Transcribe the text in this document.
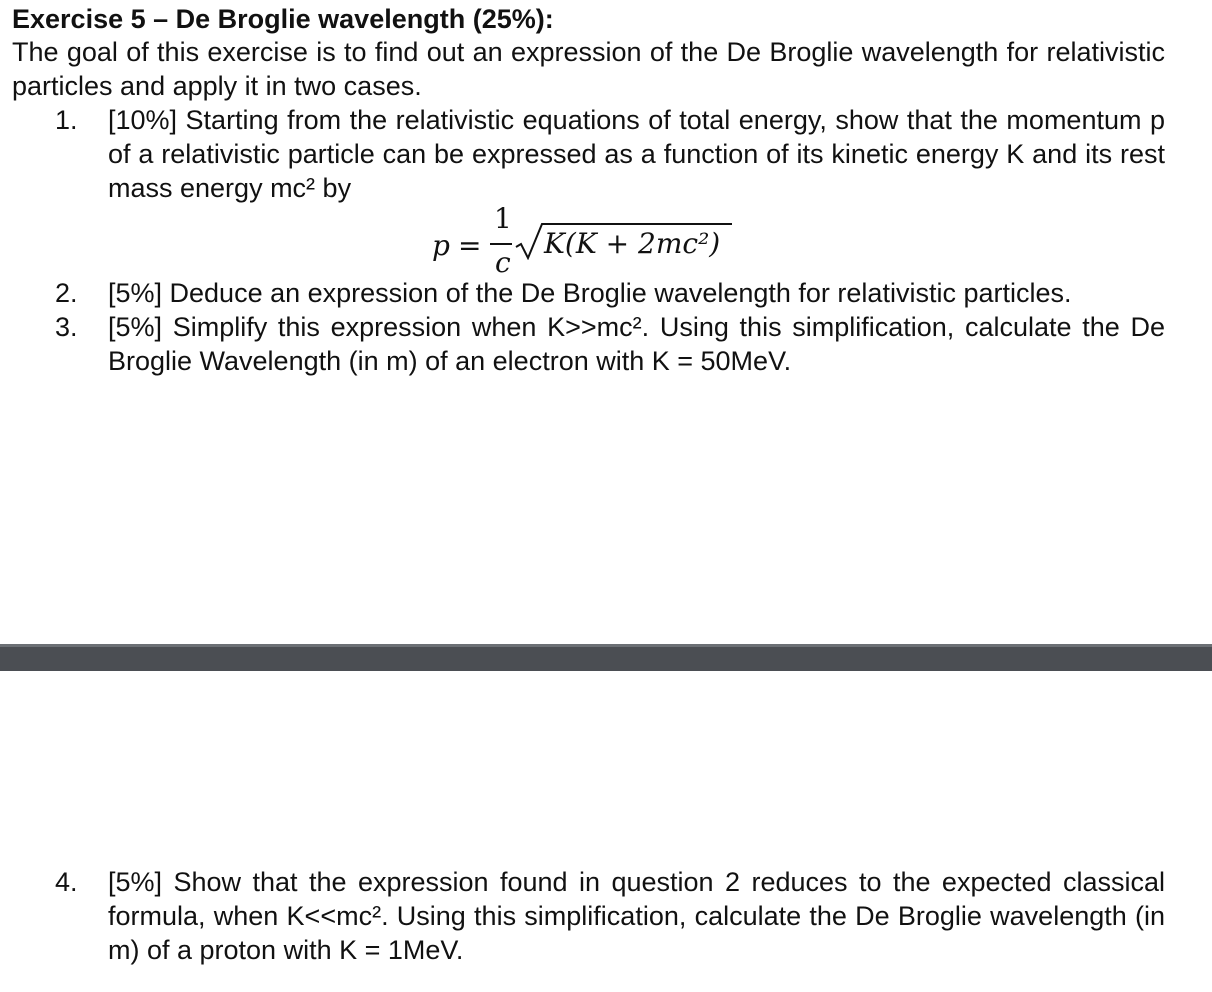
Exercise 5 – De Broglie wavelength (25%):

The goal of this exercise is to find out an expression of the De Broglie wavelength for relativistic particles and apply it in two cases.

1. [10%] Starting from the relativistic equations of total energy, show that the momentum p of a relativistic particle can be expressed as a function of its kinetic energy K and its rest mass energy mc² by
p =
1
c
K(K + 2mc²)
2. [5%] Deduce an expression of the De Broglie wavelength for relativistic particles.
3. [5%] Simplify this expression when K>>mc². Using this simplification, calculate the De Broglie Wavelength (in m) of an electron with K = 50MeV.
4. [5%] Show that the expression found in question 2 reduces to the expected classical formula, when K<<mc². Using this simplification, calculate the De Broglie wavelength (in m) of a proton with K = 1MeV.
